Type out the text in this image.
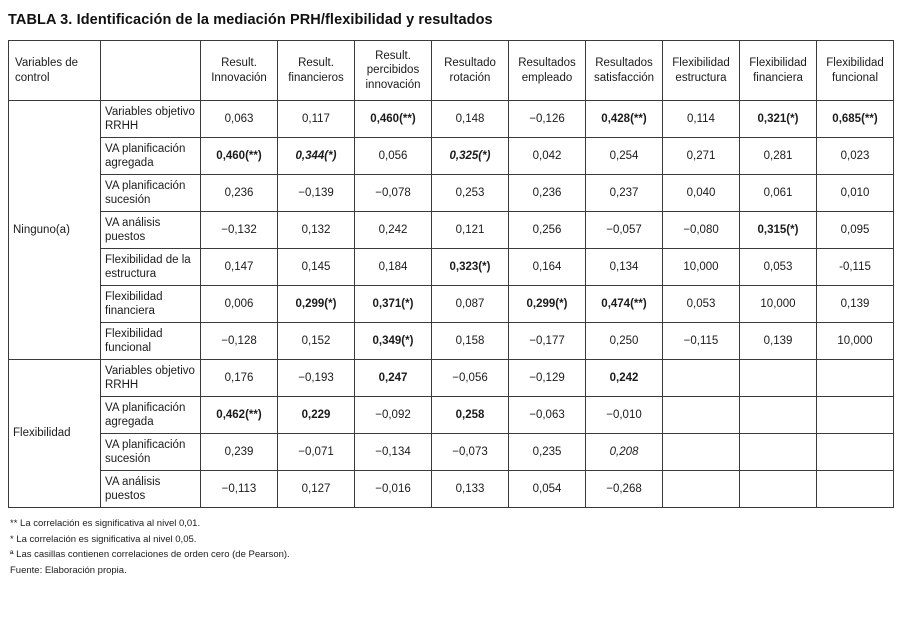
TABLA 3. Identificación de la mediación PRH/flexibilidad y resultados
Variables de control		Result. Innovación	Result. financieros	Result. percibidos innovación	Resultado rotación	Resultados empleado	Resultados satisfacción	Flexibilidad estructura	Flexibilidad financiera	Flexibilidad funcional
Ninguno(a)	Variables objetivo RRHH	0,063	0,117	0,460(**)	0,148	−0,126	0,428(**)	0,114	0,321(*)	0,685(**)
	VA planificación agregada	0,460(**)	0,344(*)	0,056	0,325(*)	0,042	0,254	0,271	0,281	0,023
	VA planificación sucesión	0,236	−0,139	−0,078	0,253	0,236	0,237	0,040	0,061	0,010
	VA análisis puestos	−0,132	0,132	0,242	0,121	0,256	−0,057	−0,080	0,315(*)	0,095
	Flexibilidad de la estructura	0,147	0,145	0,184	0,323(*)	0,164	0,134	10,000	0,053	-0,115
	Flexibilidad financiera	0,006	0,299(*)	0,371(*)	0,087	0,299(*)	0,474(**)	0,053	10,000	0,139
	Flexibilidad funcional	−0,128	0,152	0,349(*)	0,158	−0,177	0,250	−0,115	0,139	10,000
Flexibilidad	Variables objetivo RRHH	0,176	−0,193	0,247	−0,056	−0,129	0,242			
	VA planificación agregada	0,462(**)	0,229	−0,092	0,258	−0,063	−0,010			
	VA planificación sucesión	0,239	−0,071	−0,134	−0,073	0,235	0,208			
	VA análisis puestos	−0,113	0,127	−0,016	0,133	0,054	−0,268			
** La correlación es significativa al nivel 0,01.
* La correlación es significativa al nivel 0,05.
ª Las casillas contienen correlaciones de orden cero (de Pearson).
Fuente: Elaboración propia.
